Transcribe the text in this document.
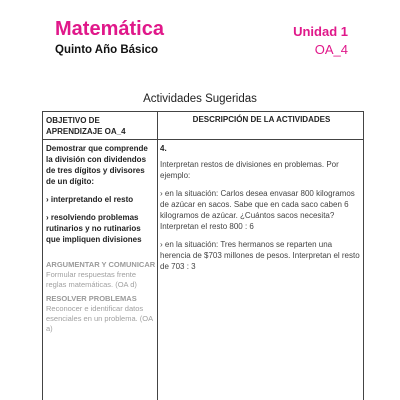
Matemática
Quinto Año Básico
Unidad 1
OA_4
Actividades Sugeridas
OBJETIVO DE APRENDIZAJE OA_4
DESCRIPCIÓN DE LA ACTIVIDADES
Demostrar que comprende la división con dividendos de tres dígitos y divisores de un dígito:
› interpretando el resto
› resolviendo problemas rutinarios y no rutinarios que impliquen divisiones
ARGUMENTAR Y COMUNICAR
Formular respuestas frente reglas matemáticas. (OA d)
RESOLVER PROBLEMAS
Reconocer e identificar datos esenciales en un problema. (OA a)
4.

Interpretan restos de divisiones en problemas. Por ejemplo:

› en la situación: Carlos desea envasar 800 kilogramos de azúcar en sacos. Sabe que en cada saco caben 6 kilogramos de azúcar. ¿Cuántos sacos necesita? Interpretan el resto 800 : 6

› en la situación: Tres hermanos se reparten una herencia de $703 millones de pesos. Interpretan el resto de 703 : 3
